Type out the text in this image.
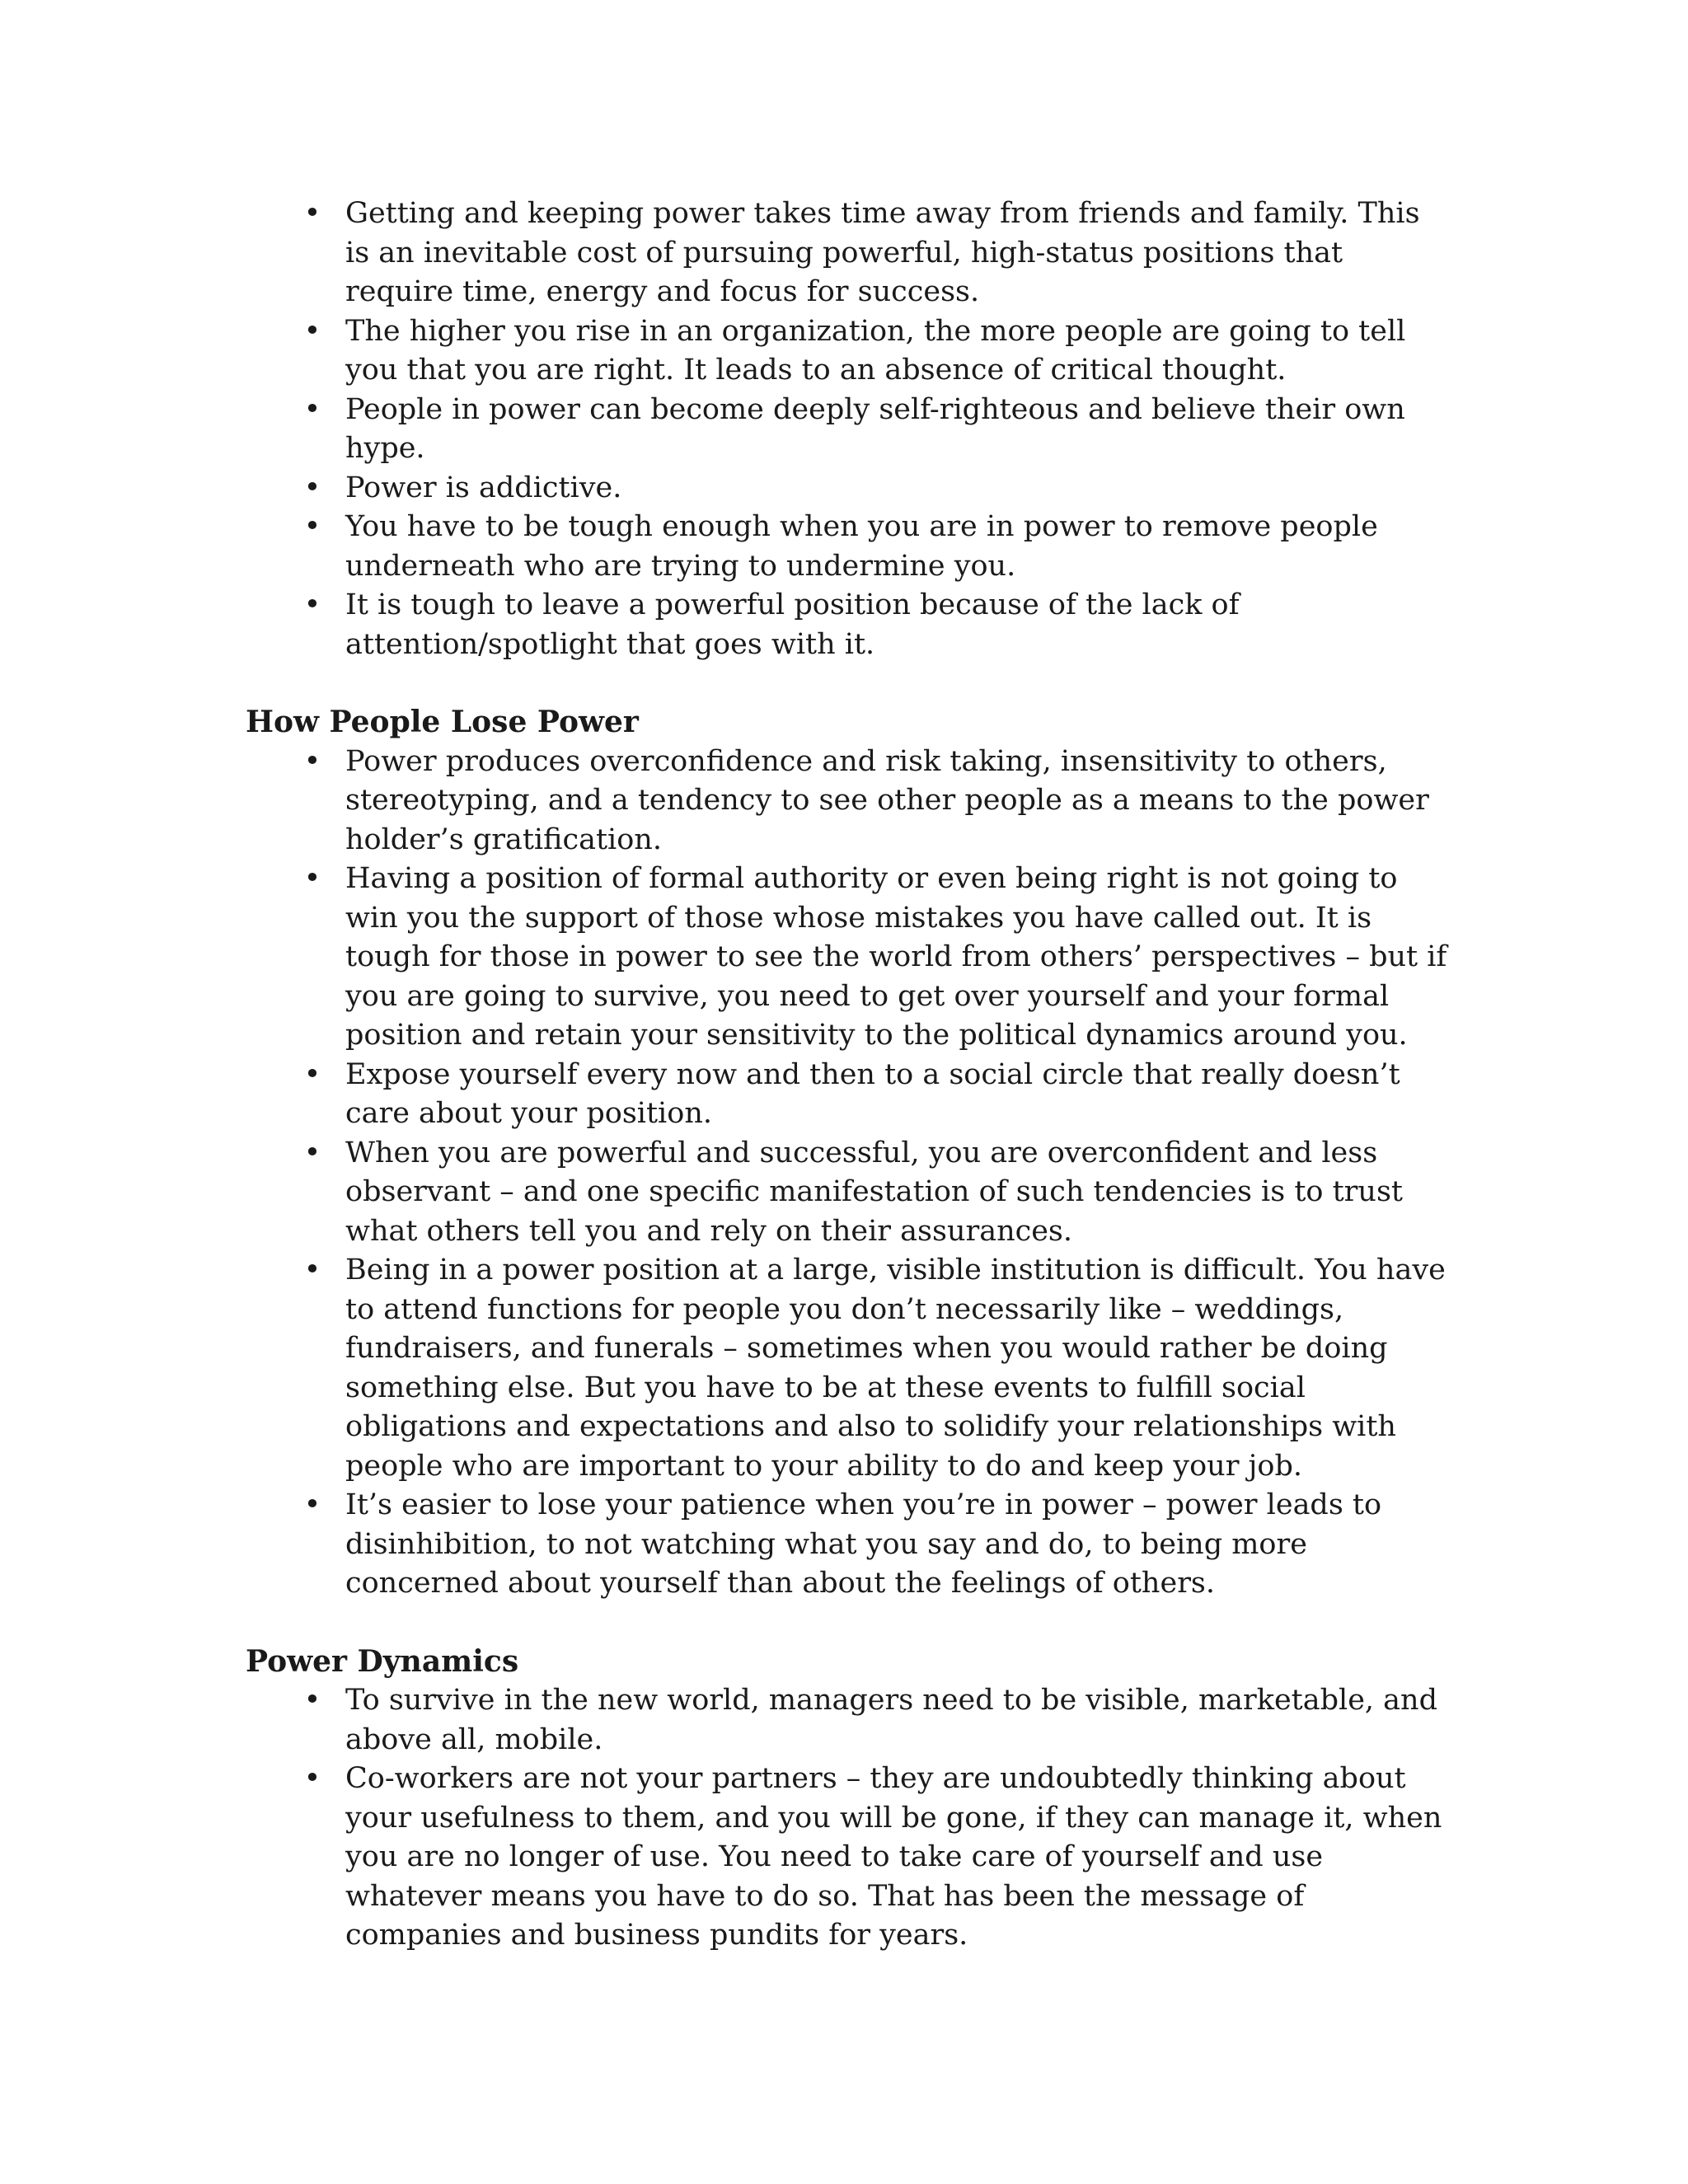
• Getting and keeping power takes time away from friends and family. This is an inevitable cost of pursuing powerful, high-status positions that require time, energy and focus for success.
• The higher you rise in an organization, the more people are going to tell you that you are right. It leads to an absence of critical thought.
• People in power can become deeply self-righteous and believe their own hype.
• Power is addictive.
• You have to be tough enough when you are in power to remove people underneath who are trying to undermine you.
• It is tough to leave a powerful position because of the lack of attention/spotlight that goes with it.
How People Lose Power
• Power produces overconfidence and risk taking, insensitivity to others, stereotyping, and a tendency to see other people as a means to the power holder’s gratification.
• Having a position of formal authority or even being right is not going to win you the support of those whose mistakes you have called out. It is tough for those in power to see the world from others’ perspectives – but if you are going to survive, you need to get over yourself and your formal position and retain your sensitivity to the political dynamics around you.
• Expose yourself every now and then to a social circle that really doesn’t care about your position.
• When you are powerful and successful, you are overconfident and less observant – and one specific manifestation of such tendencies is to trust what others tell you and rely on their assurances.
• Being in a power position at a large, visible institution is difficult. You have to attend functions for people you don’t necessarily like – weddings, fundraisers, and funerals – sometimes when you would rather be doing something else. But you have to be at these events to fulfill social obligations and expectations and also to solidify your relationships with people who are important to your ability to do and keep your job.
• It’s easier to lose your patience when you’re in power – power leads to disinhibition, to not watching what you say and do, to being more concerned about yourself than about the feelings of others.
Power Dynamics
• To survive in the new world, managers need to be visible, marketable, and above all, mobile.
• Co-workers are not your partners – they are undoubtedly thinking about your usefulness to them, and you will be gone, if they can manage it, when you are no longer of use. You need to take care of yourself and use whatever means you have to do so. That has been the message of companies and business pundits for years.
